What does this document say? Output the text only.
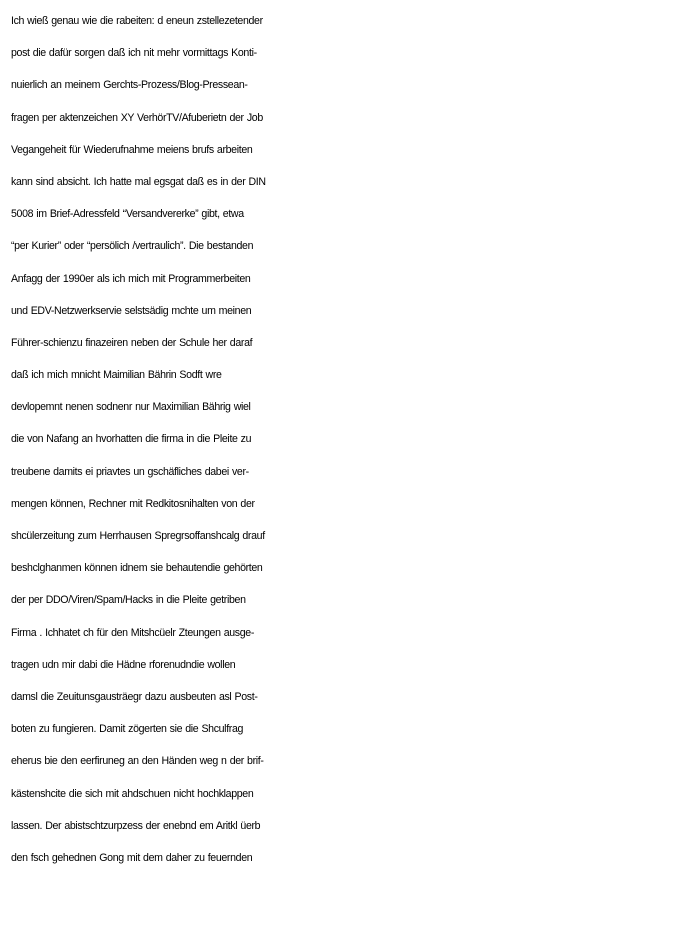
Ich wieß genau wie die rabeiten: d eneun zstellezetender
post die dafür sorgen daß ich nit mehr vormittags Konti-
nuierlich an meinem Gerchts-Prozess/Blog-Pressean-
fragen per aktenzeichen XY VerhörTV/Afuberietn der Job
Vegangeheit für Wiederufnahme meiens brufs arbeiten
kann sind absicht. Ich hatte mal egsgat daß es in der DIN
5008 im Brief-Adressfeld “Versandvererke” gibt, etwa
“per Kurier” oder “persölich /vertraulich”. Die bestanden
Anfagg der 1990er als ich mich mit Programmerbeiten
und EDV-Netzwerkservie selstsädig mchte um meinen
Führer-schienzu finazeiren neben der Schule her daraf
daß ich mich mnicht Maimilian Bährin Sodft wre
devlopemnt nenen sodnenr nur Maximilian Bährig wiel
die von Nafang an hvorhatten die firma in die Pleite zu
treubene damits ei priavtes un gschäfliches dabei ver-
mengen können, Rechner mit Redkitosnihalten von der
shcülerzeitung zum Herrhausen Spregrsoffanshcalg drauf
beshclghanmen können idnem sie behautendie gehörten
der per DDO/Viren/Spam/Hacks in die Pleite getriben
Firma . Ichhatet ch für den Mitshcüelr Zteungen ausge-
tragen udn mir dabi die Hädne rforenudndie wollen
damsl die Zeuitunsgausträegr dazu ausbeuten asl Post-
boten zu fungieren. Damit zögerten sie die Shculfrag
eherus bie den eerfiruneg an den Händen weg n der brif-
kästenshcite die sich mit ahdschuen nicht hochklappen
lassen. Der abistschtzurpzess der enebnd em Aritkl üerb
den fsch gehednen Gong mit dem daher zu feuernden
